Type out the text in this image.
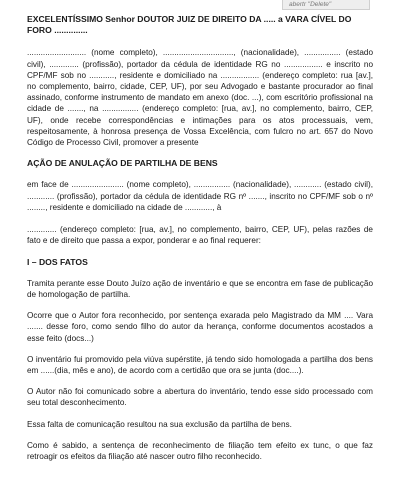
abertr "Delete"

EXCELENTÍSSIMO Senhor DOUTOR JUIZ DE DIREITO DA ..... a VARA CÍVEL DO FORO ..............

.......................... (nome completo), ..............................., (nacionalidade), ................ (estado civil), ............. (profissão), portador da cédula de identidade RG no ................. e inscrito no CPF/MF sob no ..........., residente e domiciliado na ................. (endereço completo: rua [av.], no complemento, bairro, cidade, CEP, UF), por seu Advogado e bastante procurador ao final assinado, conforme instrumento de mandato em anexo (doc. ...), com escritório profissional na cidade de ......., na ................ (endereço completo: [rua, av.], no complemento, bairro, CEP, UF), onde recebe correspondências e intimações para os atos processuais, vem, respeitosamente, à honrosa presença de Vossa Excelência, com fulcro no art. 657 do Novo Código de Processo Civil, promover a presente

AÇÃO DE ANULAÇÃO DE PARTILHA DE BENS

em face de ....................... (nome completo), ................ (nacionalidade), ............ (estado civil), ............ (profissão), portador da cédula de identidade RG nº ......., inscrito no CPF/MF sob o nº ........, residente e domiciliado na cidade de ............, à

............. (endereço completo: [rua, av.], no complemento, bairro, CEP, UF), pelas razões de fato e de direito que passa a expor, ponderar e ao final requerer:

I – DOS FATOS

Tramita perante esse Douto Juízo ação de inventário e que se encontra em fase de publicação de homologação de partilha.

Ocorre que o Autor fora reconhecido, por sentença exarada pelo Magistrado da MM .... Vara ....... desse foro, como sendo filho do autor da herança, conforme documentos acostados a esse feito (docs...)

O inventário fui promovido pela viúva supérstite, já tendo sido homologada a partilha dos bens em ......(dia, mês e ano), de acordo com a certidão que ora se junta (doc....).

O Autor não foi comunicado sobre a abertura do inventário, tendo esse sido processado com seu total desconhecimento.

Essa falta de comunicação resultou na sua exclusão da partilha de bens.

Como é sabido, a sentença de reconhecimento de filiação tem efeito ex tunc, o que faz retroagir os efeitos da filiação até nascer outro filho reconhecido.
